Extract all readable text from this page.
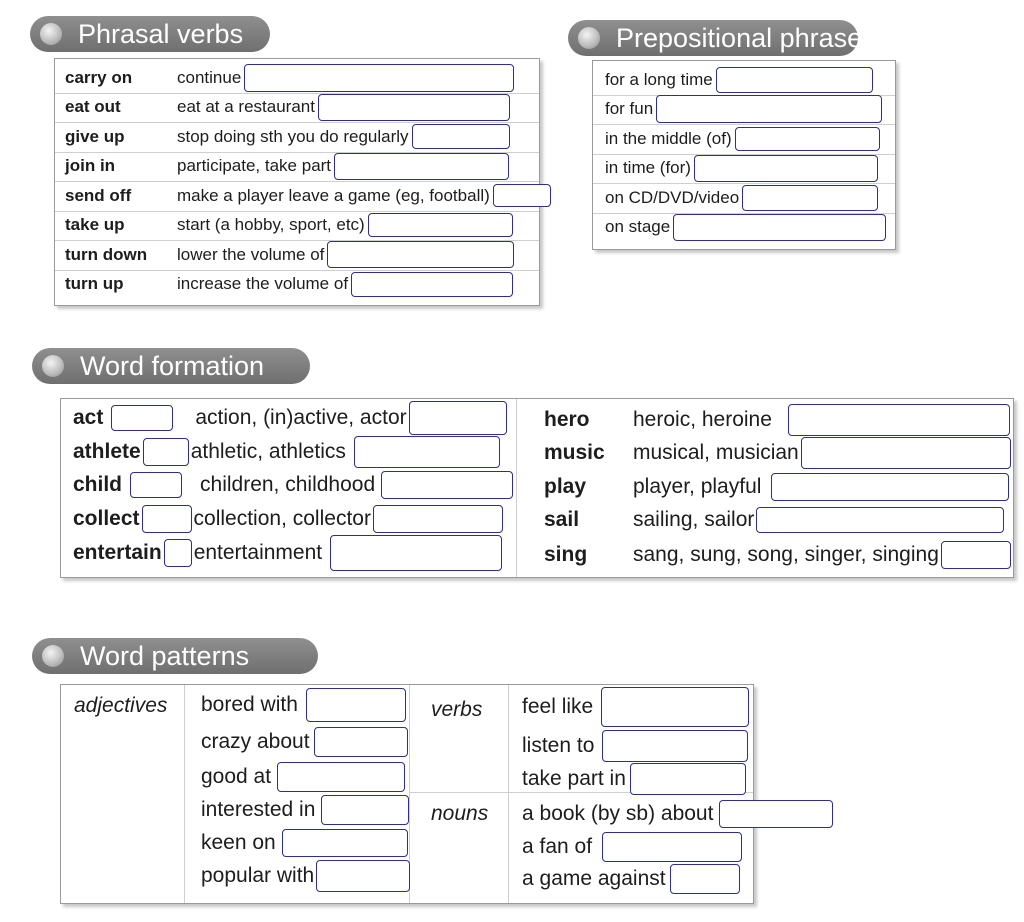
Phrasal verbs
carry on	continue
eat out	eat at a restaurant
give up	stop doing sth you do regularly
join in	participate, take part
send off	make a player leave a game (eg, football)
take up	start (a hobby, sport, etc)
turn down	lower the volume of
turn up	increase the volume of
Prepositional phrases
for a long time
for fun
in the middle (of)
in time (for)
on CD/DVD/video
on stage
Word formation
act	action, (in)active, actor
athlete athletic, athletics
child	children, childhood
collect	collection, collector
entertain entertainment
hero	heroic, heroine
music	musical, musician
play	player, playful
sail	sailing, sailor
sing	sang, sung, song, singer, singing
Word patterns
adjectives bored with
crazy about
good at
interested in
keen on
popular with
verbs feel like
listen to
take part in
nouns a book (by sb) about
a fan of
a game against
